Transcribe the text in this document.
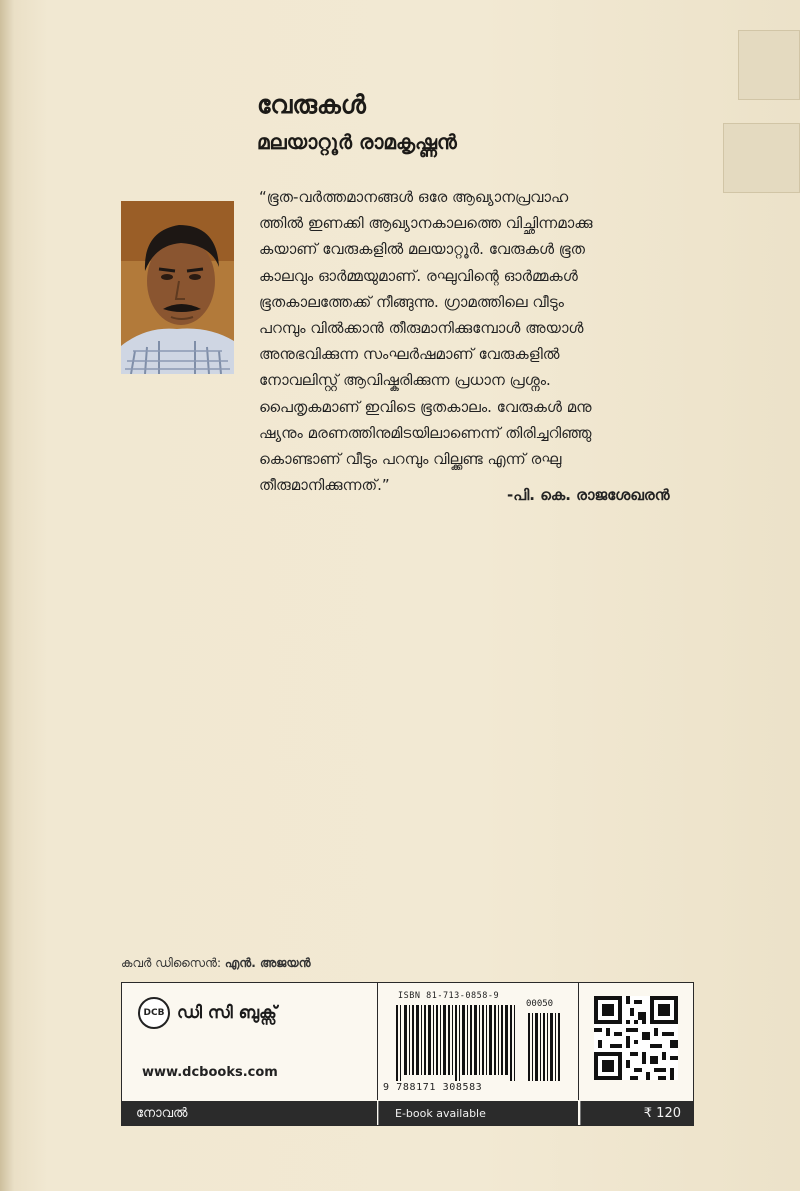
വേരുകൾ
മലയാറ്റൂർ രാമകൃഷ്ണൻ
“ഭൂത-വർത്തമാനങ്ങൾ ഒരേ ആഖ്യാനപ്രവാഹ
ത്തിൽ ഇണക്കി ആഖ്യാനകാലത്തെ വിച്ഛിന്നമാക്കു
കയാണ് വേരുകളിൽ മലയാറ്റൂർ. വേരുകൾ ഭൂത
കാലവും ഓർമ്മയുമാണ്. രഘുവിന്റെ ഓർമ്മകൾ
ഭൂതകാലത്തേക്ക് നീങ്ങുന്നു. ഗ്രാമത്തിലെ വീടും
പറമ്പും വിൽക്കാൻ തീരുമാനിക്കുമ്പോൾ അയാൾ
അനുഭവിക്കുന്ന സംഘർഷമാണ് വേരുകളിൽ
നോവലിസ്റ്റ് ആവിഷ്കരിക്കുന്ന പ്രധാന പ്രശ്നം.
പൈതൃകമാണ് ഇവിടെ ഭൂതകാലം. വേരുകൾ മനു
ഷ്യനും മരണത്തിനുമിടയിലാണെന്ന് തിരിച്ചറിഞ്ഞു
കൊണ്ടാണ് വീടും പറമ്പും വില്ക്കണ്ട എന്ന് രഘു
തീരുമാനിക്കുന്നത്.”
-പി. കെ. രാജശേഖരൻ
കവർ ഡിസൈൻ: എൻ. അജയൻ
DCB ഡി സി ബുക്സ്
www.dcbooks.com
ISBN 81-713-0858-9
00050
9 788171 308583
നോവൽ	E-book available	₹ 120
